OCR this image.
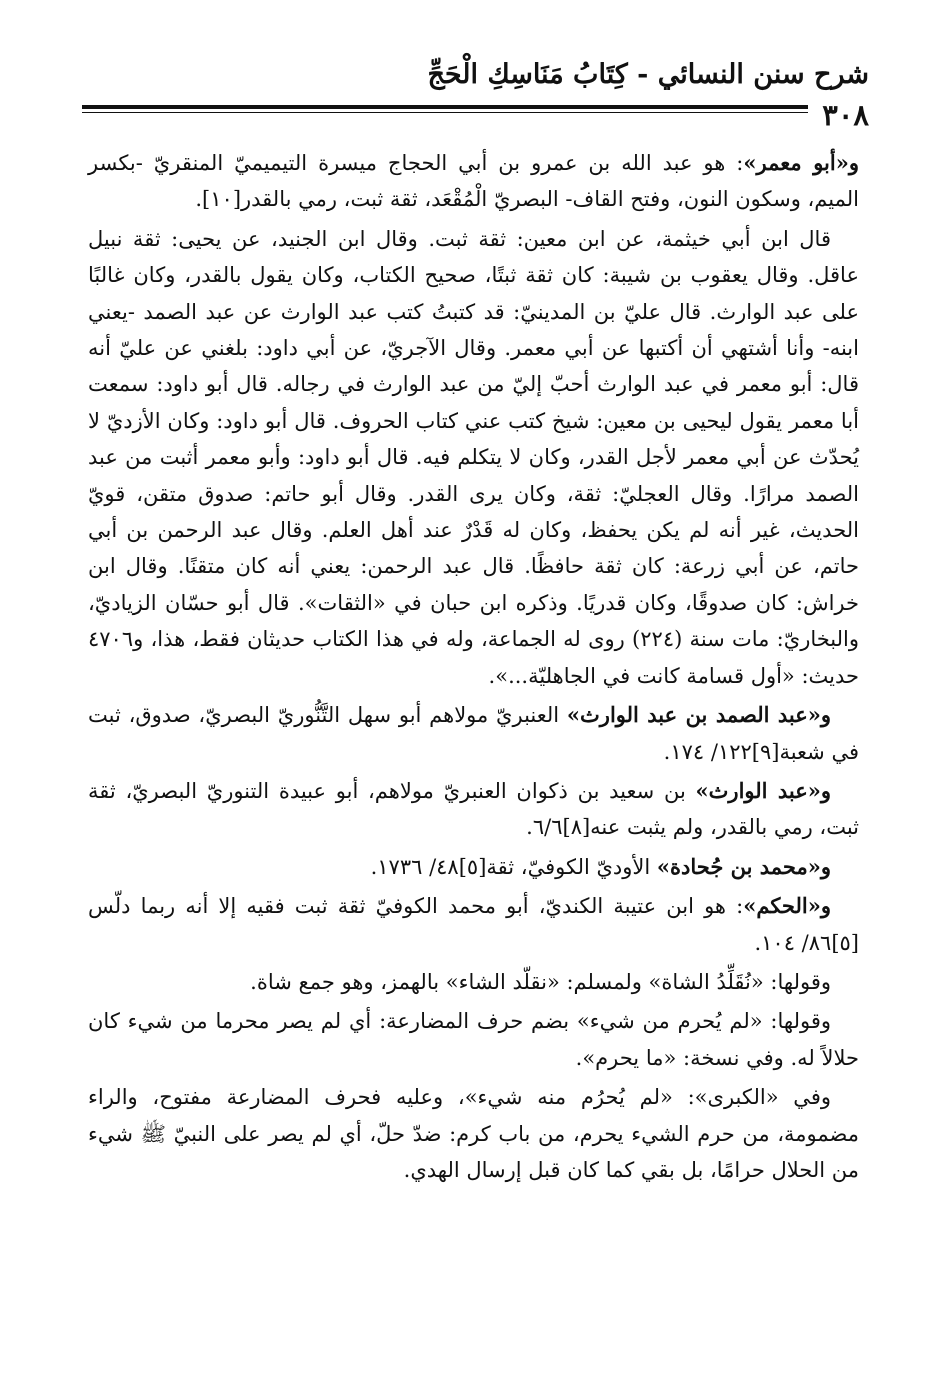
شرح سنن النسائي - كِتَابُ مَنَاسِكِ الْحَجِّ
٣٠٨

و«أبو معمر»: هو عبد الله بن عمرو بن أبي الحجاج ميسرة التيميميّ المنقريّ -بكسر الميم، وسكون النون، وفتح القاف- البصريّ الْمُقْعَد، ثقة ثبت، رمي بالقدر[١٠].

قال ابن أبي خيثمة، عن ابن معين: ثقة ثبت. وقال ابن الجنيد، عن يحيى: ثقة نبيل عاقل. وقال يعقوب بن شيبة: كان ثقة ثبتًا، صحيح الكتاب، وكان يقول بالقدر، وكان غالبًا على عبد الوارث. قال عليّ بن المدينيّ: قد كتبتُ كتب عبد الوارث عن عبد الصمد -يعني ابنه- وأنا أشتهي أن أكتبها عن أبي معمر. وقال الآجريّ، عن أبي داود: بلغني عن عليّ أنه قال: أبو معمر في عبد الوارث أحبّ إليّ من عبد الوارث في رجاله. قال أبو داود: سمعت أبا معمر يقول ليحيى بن معين: شيخ كتب عني كتاب الحروف. قال أبو داود: وكان الأزديّ لا يُحدّث عن أبي معمر لأجل القدر، وكان لا يتكلم فيه. قال أبو داود: وأبو معمر أثبت من عبد الصمد مرارًا. وقال العجليّ: ثقة، وكان يرى القدر. وقال أبو حاتم: صدوق متقن، قويّ الحديث، غير أنه لم يكن يحفظ، وكان له قَدْرٌ عند أهل العلم. وقال عبد الرحمن بن أبي حاتم، عن أبي زرعة: كان ثقة حافظًا. قال عبد الرحمن: يعني أنه كان متقنًا. وقال ابن خراش: كان صدوقًا، وكان قدريًا. وذكره ابن حبان في «الثقات». قال أبو حسّان الزياديّ، والبخاريّ: مات سنة (٢٢٤) روى له الجماعة، وله في هذا الكتاب حديثان فقط، هذا، و٤٧٠٦ حديث: «أول قسامة كانت في الجاهليّة...».

و«عبد الصمد بن عبد الوارث» العنبريّ مولاهم أبو سهل التَّنُّوريّ البصريّ، صدوق، ثبت في شعبة[٩]١٢٢/ ١٧٤.

و«عبد الوارث» بن سعيد بن ذكوان العنبريّ مولاهم، أبو عبيدة التنوريّ البصريّ، ثقة ثبت، رمي بالقدر، ولم يثبت عنه[٨]٦/٦.

و«محمد بن جُحادة» الأوديّ الكوفيّ، ثقة[٥]٤٨/ ١٧٣٦.

و«الحكم»: هو ابن عتيبة الكنديّ، أبو محمد الكوفيّ ثقة ثبت فقيه إلا أنه ربما دلّس [٥]٨٦/ ١٠٤.

وقولها: «نُقَلِّدُ الشاة» ولمسلم: «نقلّد الشاء» بالهمز، وهو جمع شاة.

وقولها: «لم يُحرم من شيء» بضم حرف المضارعة: أي لم يصر محرما من شيء كان حلالاً له. وفي نسخة: «ما يحرم».

وفي «الكبرى»: «لم يُحرُم منه شيء»، وعليه فحرف المضارعة مفتوح، والراء مضمومة، من حرم الشيء يحرم، من باب كرم: ضدّ حلّ، أي لم يصر على النبيّ ﷺ شيء من الحلال حرامًا، بل بقي كما كان قبل إرسال الهدي.
